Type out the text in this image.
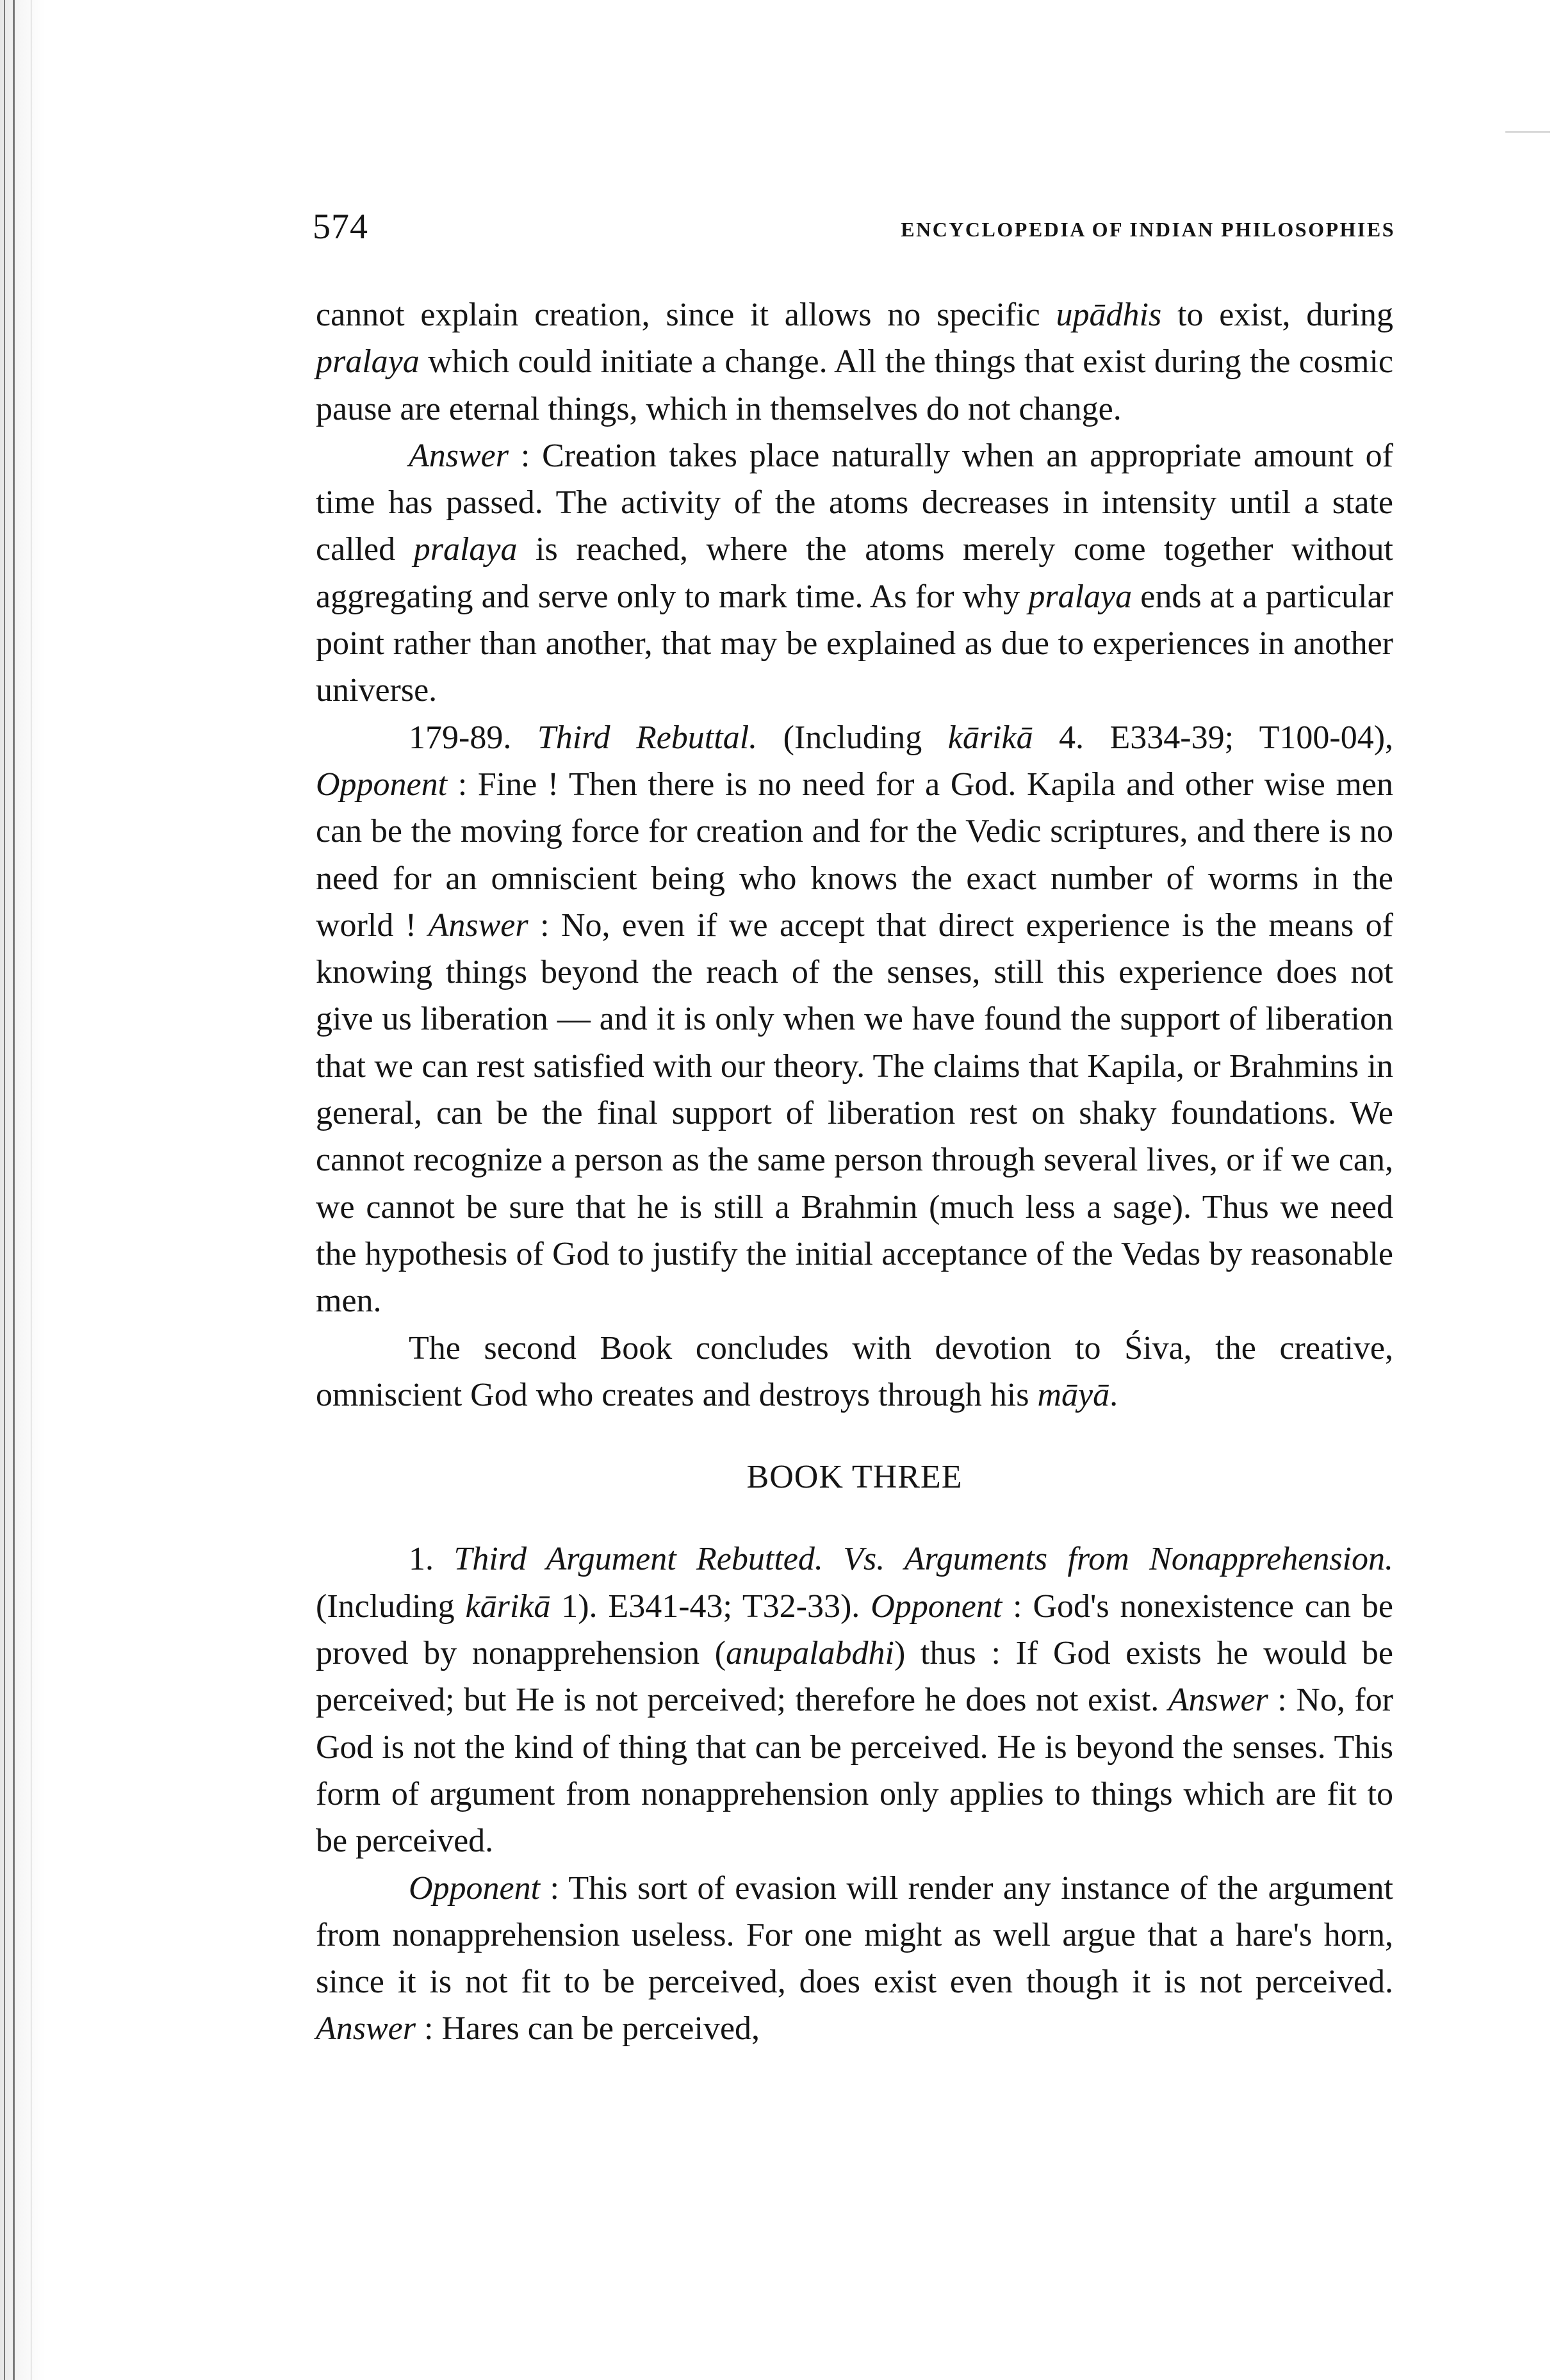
574	ENCYCLOPEDIA OF INDIAN PHILOSOPHIES

cannot explain creation, since it allows no specific upādhis to exist, during pralaya which could initiate a change. All the things that exist during the cosmic pause are eternal things, which in themselves do not change.

Answer : Creation takes place naturally when an appropriate amount of time has passed. The activity of the atoms decreases in intensity until a state called pralaya is reached, where the atoms merely come together without aggregating and serve only to mark time. As for why pralaya ends at a particular point rather than another, that may be explained as due to experiences in another universe.

179-89. Third Rebuttal. (Including kārikā 4. E334-39; T100-04), Opponent : Fine ! Then there is no need for a God. Kapila and other wise men can be the moving force for creation and for the Vedic scriptures, and there is no need for an omniscient being who knows the exact number of worms in the world ! Answer : No, even if we accept that direct experience is the means of knowing things beyond the reach of the senses, still this experience does not give us liberation — and it is only when we have found the support of liberation that we can rest satisfied with our theory. The claims that Kapila, or Brahmins in general, can be the final support of liberation rest on shaky foundations. We cannot recognize a person as the same person through several lives, or if we can, we cannot be sure that he is still a Brahmin (much less a sage). Thus we need the hypothesis of God to justify the initial acceptance of the Vedas by reasonable men.

The second Book concludes with devotion to Śiva, the creative, omniscient God who creates and destroys through his māyā.

BOOK THREE

1. Third Argument Rebutted. Vs. Arguments from Nonapprehension. (Including kārikā 1). E341-43; T32-33). Opponent : God's nonexistence can be proved by nonapprehension (anupalabdhi) thus : If God exists he would be perceived; but He is not perceived; therefore he does not exist. Answer : No, for God is not the kind of thing that can be perceived. He is beyond the senses. This form of argument from nonapprehension only applies to things which are fit to be perceived.

Opponent : This sort of evasion will render any instance of the argument from nonapprehension useless. For one might as well argue that a hare's horn, since it is not fit to be perceived, does exist even though it is not perceived. Answer : Hares can be perceived,
